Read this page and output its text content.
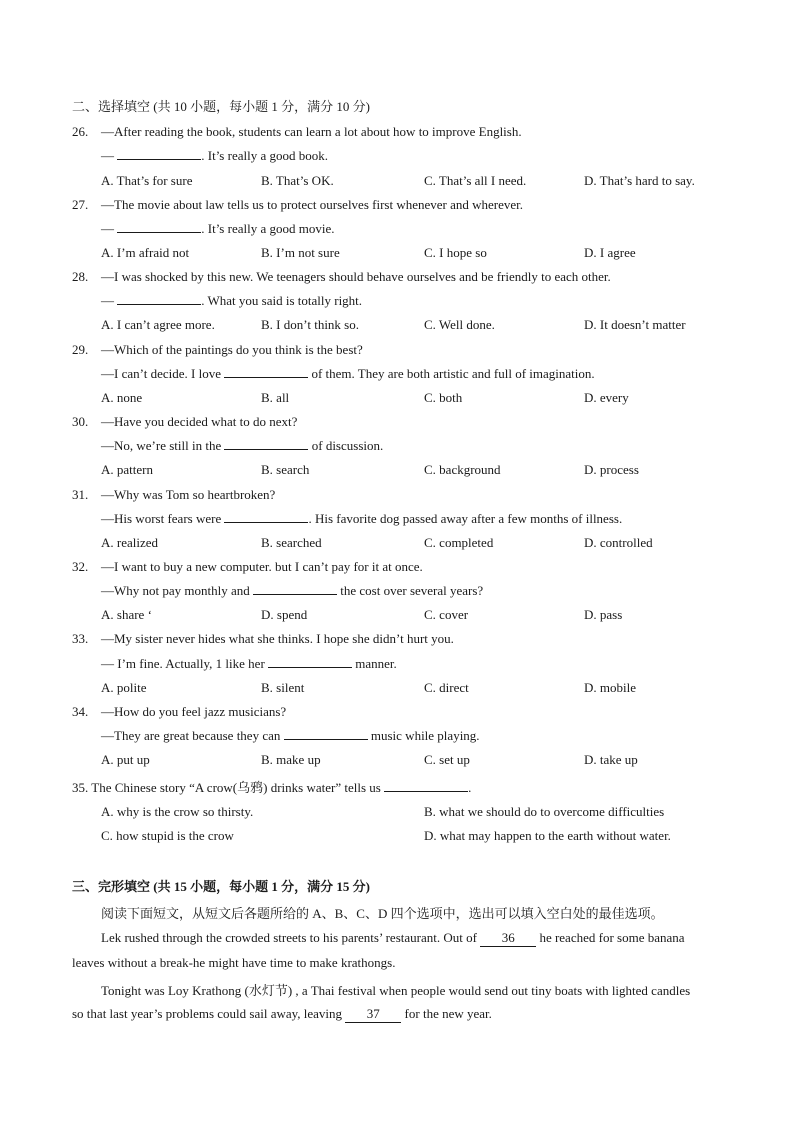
二、选择填空 (共 10 小题，每小题 1 分，满分 10 分)
26. —After reading the book, students can learn a lot about how to improve English.
—	. It’s really a good book.
A. That’s for sure	B. That’s OK.	C. That’s all I need.	D. That’s hard to say.
27. —The movie about law tells us to protect ourselves first whenever and wherever.
—	. It’s really a good movie.
A. I’m afraid not	B. I’m not sure	C. I hope so	D. I agree
28. —I was shocked by this new. We teenagers should behave ourselves and be friendly to each other.
—	. What you said is totally right.
A. I can’t agree more.	B. I don’t think so.	C. Well done.	D. It doesn’t matter
29. —Which of the paintings do you think is the best?
—I can’t decide. I love	of them. They are both artistic and full of imagination.
A. none	B. all	C. both	D. every
30. —Have you decided what to do next?
—No, we’re still in the	of discussion.
A. pattern	B. search	C. background	D. process
31. —Why was Tom so heartbroken?
—His worst fears were	. His favorite dog passed away after a few months of illness.
A. realized	B. searched	C. completed	D. controlled
32. —I want to buy a new computer. but I can’t pay for it at once.
—Why not pay monthly and	the cost over several years?
A. share ‘	D. spend	C. cover	D. pass
33. —My sister never hides what she thinks. I hope she didn’t hurt you.
— I’m fine. Actually, 1 like her	manner.
A. polite	B. silent	C. direct	D. mobile
34. —How do you feel jazz musicians?
—They are great because they can	music while playing.
A. put up	B. make up	C. set up	D. take up
35. The Chinese story “A crow(乌鸦) drinks water” tells us	.
A. why is the crow so thirsty.	B. what we should do to overcome difficulties
C. how stupid is the crow	D. what may happen to the earth without water.
三、完形填空 (共 15 小题，每小题 1 分，满分 15 分)
阅读下面短文，从短文后各题所给的 A、B、C、D 四个选项中，选出可以填入空白处的最佳选项。
Lek rushed through the crowded streets to his parents’ restaurant. Out of 36 he reached for some banana
leaves without a break-he might have time to make krathongs.
Tonight was Loy Krathong (水灯节) , a Thai festival when people would send out tiny boats with lighted candles
so that last year’s problems could sail away, leaving 37 for the new year.
